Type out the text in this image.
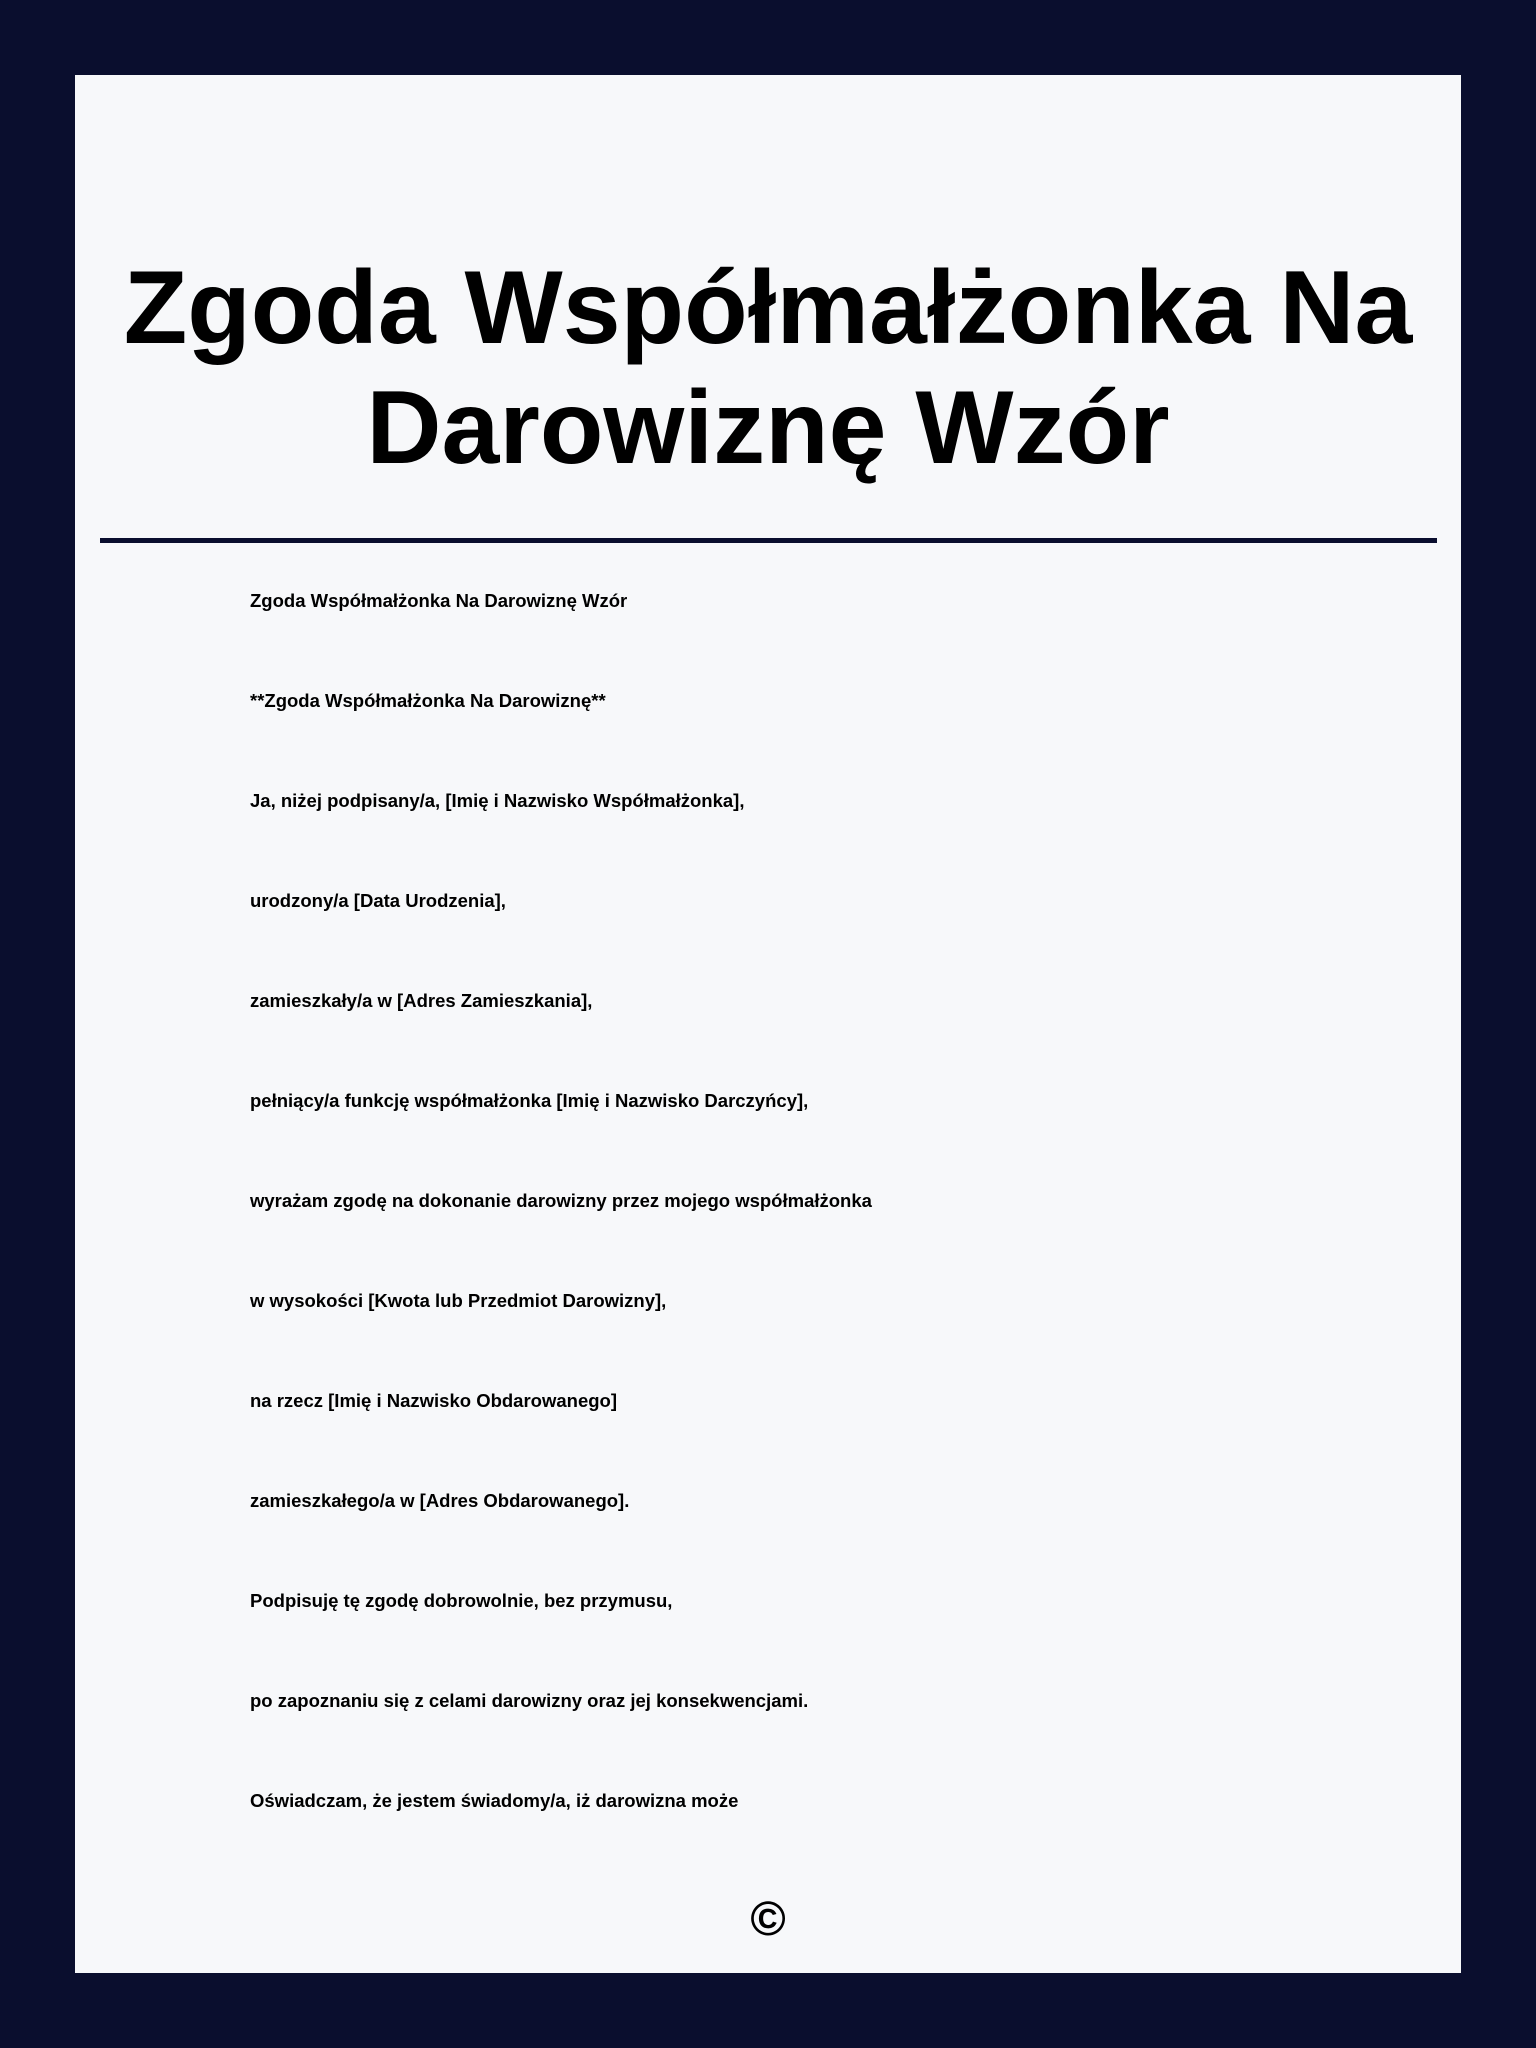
Zgoda Współmałżonka Na Darowiznę Wzór
Zgoda Współmałżonka Na Darowiznę Wzór
**Zgoda Współmałżonka Na Darowiznę**
Ja, niżej podpisany/a, [Imię i Nazwisko Współmałżonka],
urodzony/a [Data Urodzenia],
zamieszkały/a w [Adres Zamieszkania],
pełniący/a funkcję współmałżonka [Imię i Nazwisko Darczyńcy],
wyrażam zgodę na dokonanie darowizny przez mojego współmałżonka
w wysokości [Kwota lub Przedmiot Darowizny],
na rzecz [Imię i Nazwisko Obdarowanego]
zamieszkałego/a w [Adres Obdarowanego].
Podpisuję tę zgodę dobrowolnie, bez przymusu,
po zapoznaniu się z celami darowizny oraz jej konsekwencjami.
Oświadczam, że jestem świadomy/a, iż darowizna może
©
